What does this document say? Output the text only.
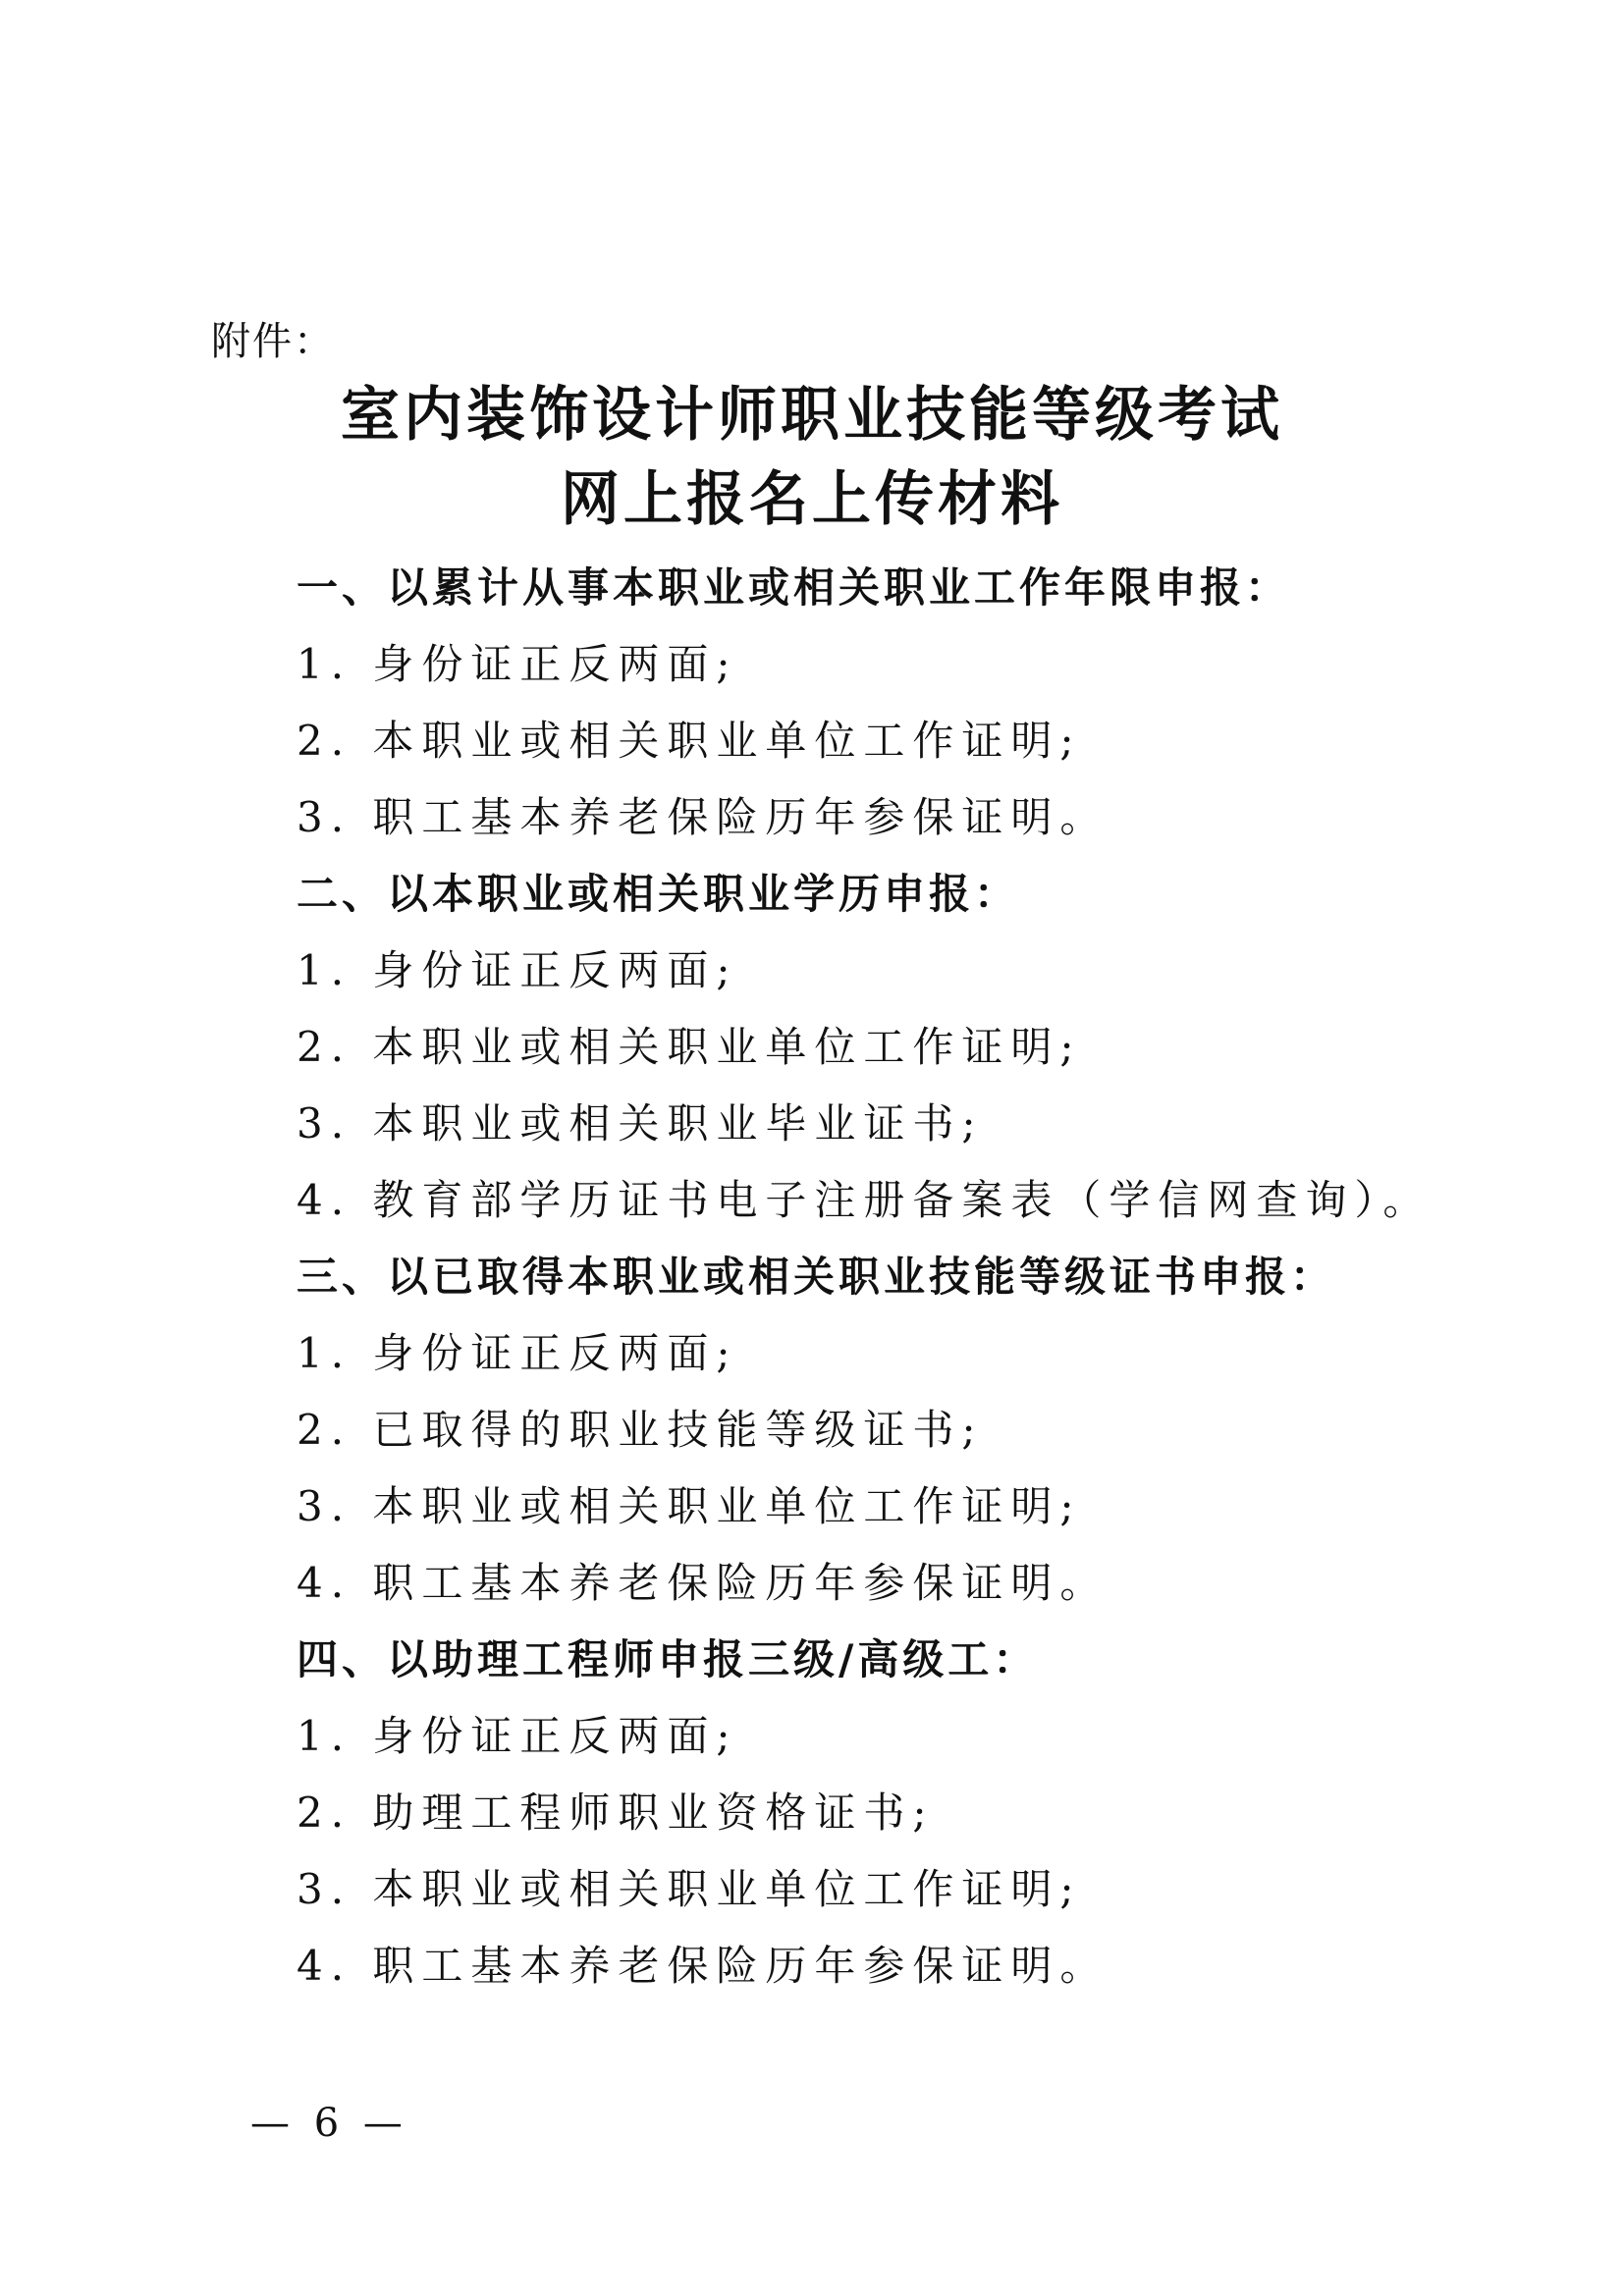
附件：
室内装饰设计师职业技能等级考试
网上报名上传材料
一、以累计从事本职业或相关职业工作年限申报：
1. 身份证正反两面;
2. 本职业或相关职业单位工作证明;
3. 职工基本养老保险历年参保证明。
二、以本职业或相关职业学历申报：
1. 身份证正反两面;
2. 本职业或相关职业单位工作证明;
3. 本职业或相关职业毕业证书;
4. 教育部学历证书电子注册备案表（学信网查询）。
三、以已取得本职业或相关职业技能等级证书申报：
1. 身份证正反两面;
2. 已取得的职业技能等级证书;
3. 本职业或相关职业单位工作证明;
4. 职工基本养老保险历年参保证明。
四、以助理工程师申报三级/高级工：
1. 身份证正反两面;
2. 助理工程师职业资格证书;
3. 本职业或相关职业单位工作证明;
4. 职工基本养老保险历年参保证明。
— 6 —
